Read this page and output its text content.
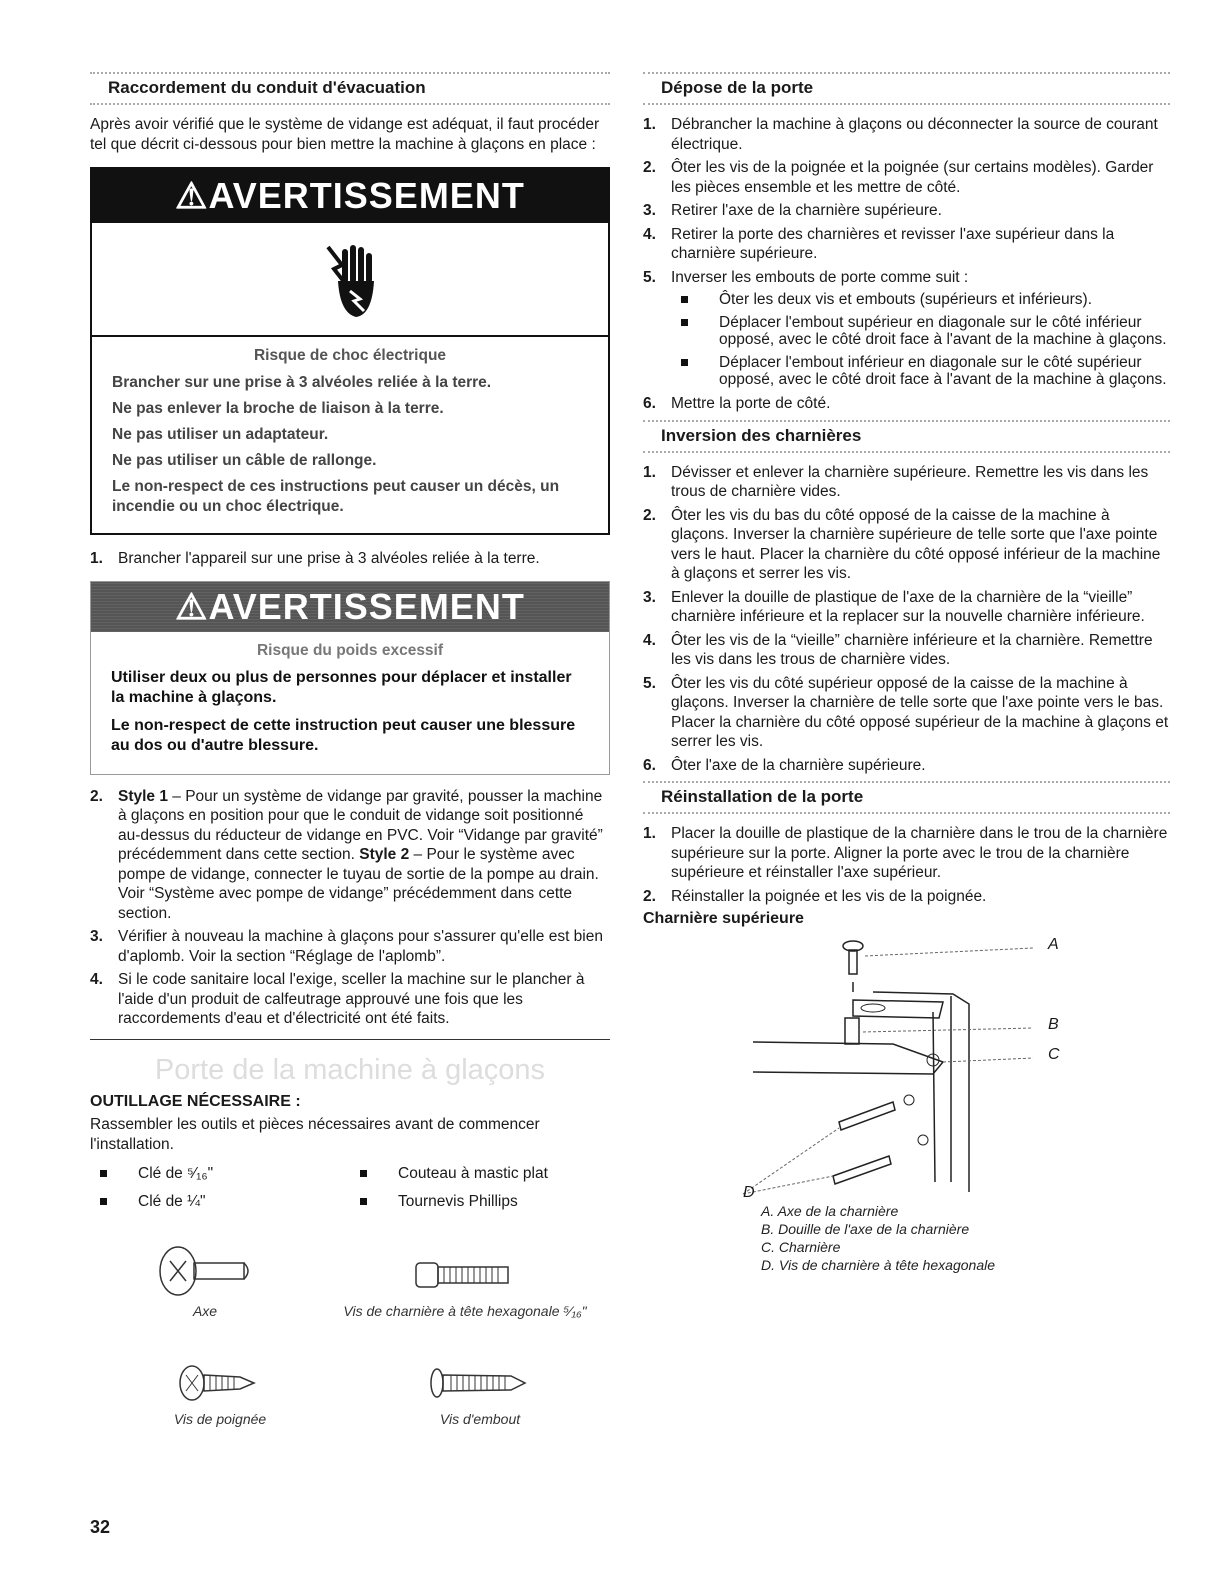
Raccordement du conduit d'évacuation

Après avoir vérifié que le système de vidange est adéquat, il faut procéder tel que décrit ci-dessous pour bien mettre la machine à glaçons en place :

⚠AVERTISSEMENT
Risque de choc électrique
Brancher sur une prise à 3 alvéoles reliée à la terre.
Ne pas enlever la broche de liaison à la terre.
Ne pas utiliser un adaptateur.
Ne pas utiliser un câble de rallonge.
Le non-respect de ces instructions peut causer un décès, un incendie ou un choc électrique.
1. Brancher l'appareil sur une prise à 3 alvéoles reliée à la terre.
⚠AVERTISSEMENT
Risque du poids excessif
Utiliser deux ou plus de personnes pour déplacer et installer la machine à glaçons.
Le non-respect de cette instruction peut causer une blessure au dos ou d'autre blessure.
2. Style 1 – Pour un système de vidange par gravité, pousser la machine à glaçons en position pour que le conduit de vidange soit positionné au-dessus du réducteur de vidange en PVC. Voir “Vidange par gravité” précédemment dans cette section. Style 2 – Pour le système avec pompe de vidange, connecter le tuyau de sortie de la pompe au drain. Voir “Système avec pompe de vidange” précédemment dans cette section.
3. Vérifier à nouveau la machine à glaçons pour s'assurer qu'elle est bien d'aplomb. Voir la section “Réglage de l'aplomb”.
4. Si le code sanitaire local l'exige, sceller la machine sur le plancher à l'aide d'un produit de calfeutrage approuvé une fois que les raccordements d'eau et d'électricité ont été faits.
Porte de la machine à glaçons
OUTILLAGE NÉCESSAIRE :

Rassembler les outils et pièces nécessaires avant de commencer l'installation.

Clé de ⁵⁄₁₆"
Clé de ¼"
Couteau à mastic plat
Tournevis Phillips
Axe	Vis de charnière à tête hexagonale ⁵⁄₁₆"
Vis de poignée	Vis d'embout
Dépose de la porte
1. Débrancher la machine à glaçons ou déconnecter la source de courant électrique.
2. Ôter les vis de la poignée et la poignée (sur certains modèles). Garder les pièces ensemble et les mettre de côté.
3. Retirer l'axe de la charnière supérieure.
4. Retirer la porte des charnières et revisser l'axe supérieur dans la charnière supérieure.
5. Inverser les embouts de porte comme suit :
Ôter les deux vis et embouts (supérieurs et inférieurs).
Déplacer l'embout supérieur en diagonale sur le côté inférieur opposé, avec le côté droit face à l'avant de la machine à glaçons.
Déplacer l'embout inférieur en diagonale sur le côté supérieur opposé, avec le côté droit face à l'avant de la machine à glaçons.
6. Mettre la porte de côté.
Inversion des charnières
1. Dévisser et enlever la charnière supérieure. Remettre les vis dans les trous de charnière vides.
2. Ôter les vis du bas du côté opposé de la caisse de la machine à glaçons. Inverser la charnière supérieure de telle sorte que l'axe pointe vers le haut. Placer la charnière du côté opposé inférieur de la machine à glaçons et serrer les vis.
3. Enlever la douille de plastique de l'axe de la charnière de la “vieille” charnière inférieure et la replacer sur la nouvelle charnière inférieure.
4. Ôter les vis de la “vieille” charnière inférieure et la charnière. Remettre les vis dans les trous de charnière vides.
5. Ôter les vis du côté supérieur opposé de la caisse de la machine à glaçons. Inverser la charnière de telle sorte que l'axe pointe vers le bas. Placer la charnière du côté opposé supérieur de la machine à glaçons et serrer les vis.
6. Ôter l'axe de la charnière supérieure.
Réinstallation de la porte
1. Placer la douille de plastique de la charnière dans le trou de la charnière supérieure sur la porte. Aligner la porte avec le trou de la charnière supérieure et réinstaller l'axe supérieur.
2. Réinstaller la poignée et les vis de la poignée.
Charnière supérieure
A
B
C
D
A. Axe de la charnière
B. Douille de l'axe de la charnière
C. Charnière
D. Vis de charnière à tête hexagonale
32
